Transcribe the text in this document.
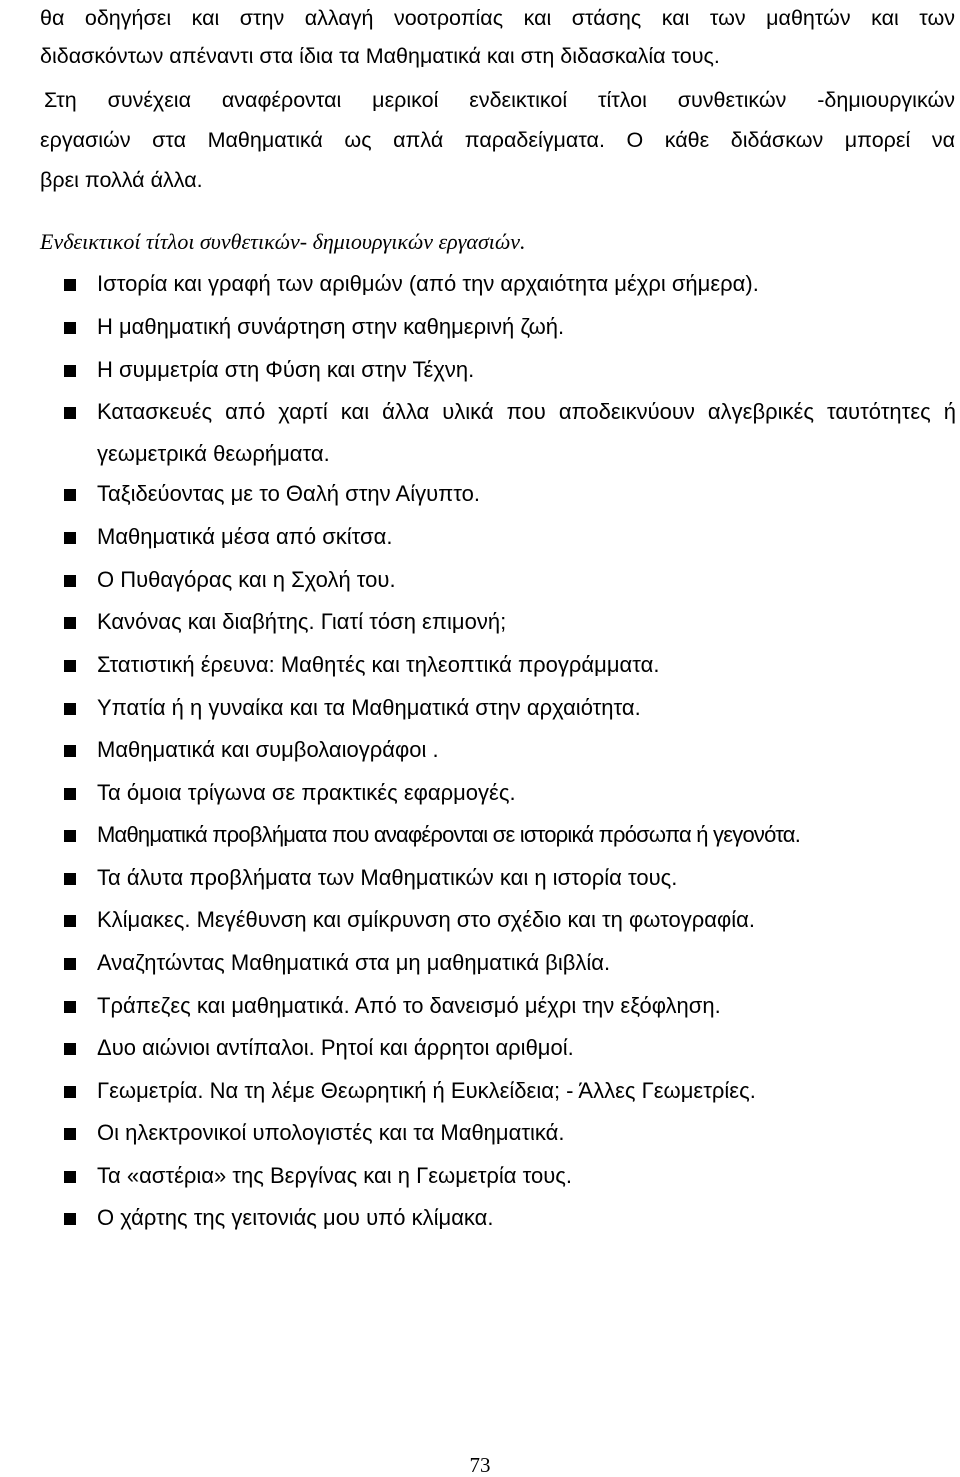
θα οδηγήσει και στην αλλαγή νοοτροπίας και στάσης και των μαθητών και των
διδασκόντων απέναντι στα ίδια τα Μαθηματικά και στη διδασκαλία τους.
Στη συνέχεια αναφέρονται μερικοί ενδεικτικοί τίτλοι συνθετικών -δημιουργικών
εργασιών στα Μαθηματικά ως απλά παραδείγματα. Ο κάθε διδάσκων μπορεί να
βρει πολλά άλλα.
Ενδεικτικοί τίτλοι συνθετικών- δημιουργικών εργασιών.
Ιστορία και γραφή των αριθμών (από την αρχαιότητα μέχρι σήμερα).
Η μαθηματική συνάρτηση στην καθημερινή ζωή.
Η συμμετρία στη Φύση και στην Τέχνη.
Κατασκευές από χαρτί και άλλα υλικά που αποδεικνύουν αλγεβρικές ταυτότητες ή γεωμετρικά θεωρήματα.
Ταξιδεύοντας με το Θαλή στην Αίγυπτο.
Μαθηματικά μέσα από σκίτσα.
Ο Πυθαγόρας και η Σχολή του.
Κανόνας και διαβήτης. Γιατί τόση επιμονή;
Στατιστική έρευνα: Μαθητές και τηλεοπτικά προγράμματα.
Υπατία ή η γυναίκα και τα Μαθηματικά στην αρχαιότητα.
Μαθηματικά και συμβολαιογράφοι .
Τα όμοια τρίγωνα σε πρακτικές εφαρμογές.
Μαθηματικά προβλήματα που αναφέρονται σε ιστορικά πρόσωπα ή γεγονότα.
Τα άλυτα προβλήματα των Μαθηματικών και η ιστορία τους.
Κλίμακες. Μεγέθυνση και σμίκρυνση στο σχέδιο και τη φωτογραφία.
Αναζητώντας Μαθηματικά στα μη μαθηματικά βιβλία.
Τράπεζες και μαθηματικά. Από το δανεισμό μέχρι την εξόφληση.
Δυο αιώνιοι αντίπαλοι. Ρητοί και άρρητοι αριθμοί.
Γεωμετρία. Να τη λέμε Θεωρητική ή Ευκλείδεια; - Άλλες Γεωμετρίες.
Οι ηλεκτρονικοί υπολογιστές και τα Μαθηματικά.
Τα «αστέρια» της Βεργίνας και η Γεωμετρία τους.
Ο χάρτης της γειτονιάς μου υπό κλίμακα.
73
